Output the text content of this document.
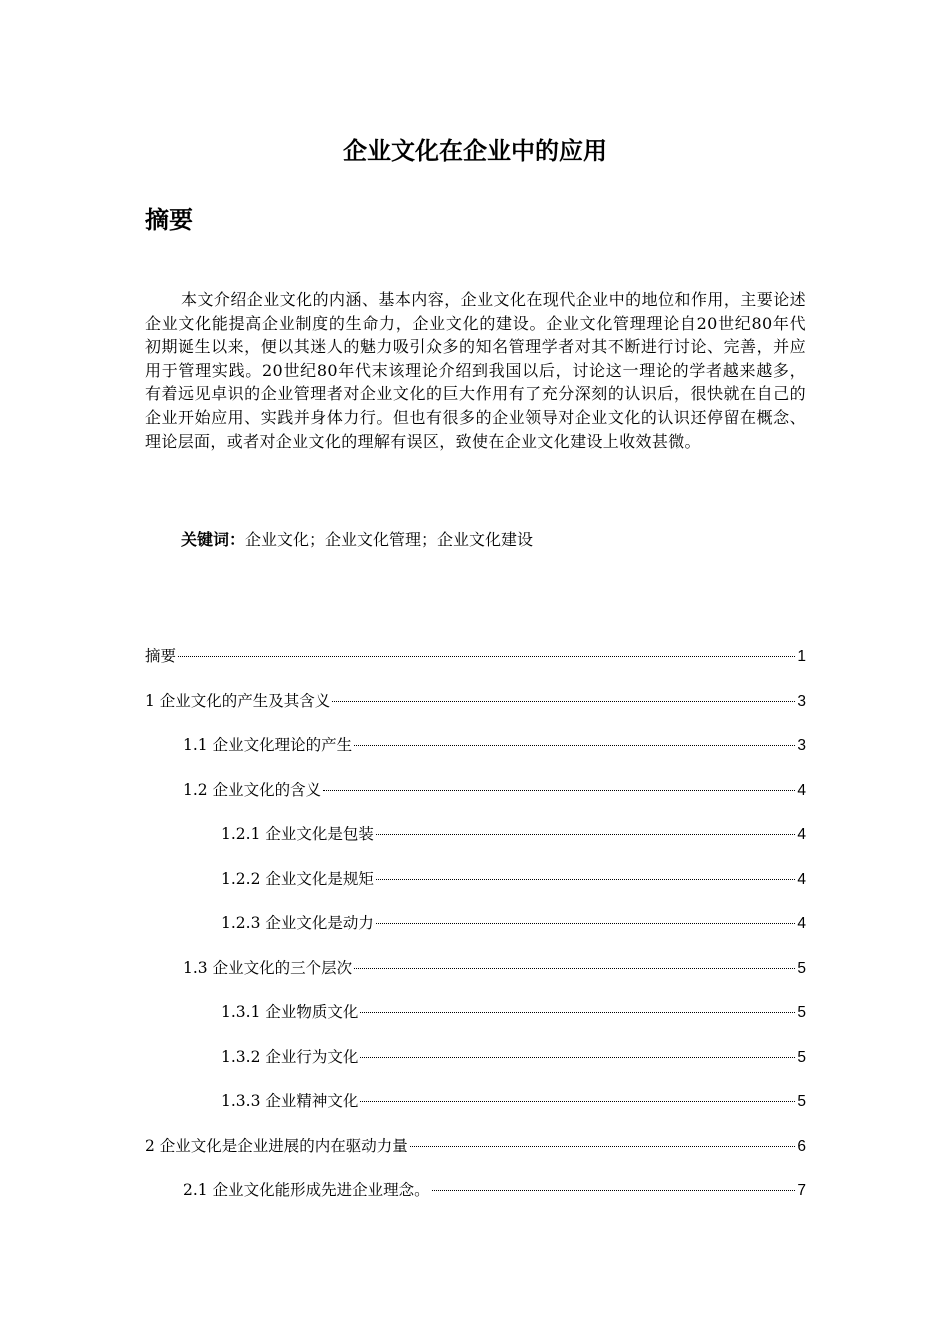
企业文化在企业中的应用
摘要
本文介绍企业文化的内涵、基本内容，企业文化在现代企业中的地位和作用，主要论述企业文化能提高企业制度的生命力，企业文化的建设。企业文化管理理论自20世纪80年代初期诞生以来，便以其迷人的魅力吸引众多的知名管理学者对其不断进行讨论、完善，并应用于管理实践。20世纪80年代末该理论介绍到我国以后，讨论这一理论的学者越来越多，有着远见卓识的企业管理者对企业文化的巨大作用有了充分深刻的认识后，很快就在自己的企业开始应用、实践并身体力行。但也有很多的企业领导对企业文化的认识还停留在概念、理论层面，或者对企业文化的理解有误区，致使在企业文化建设上收效甚微。
关键词：企业文化；企业文化管理；企业文化建设
摘要	1
1 企业文化的产生及其含义	3
1.1 企业文化理论的产生	3
1.2 企业文化的含义	4
1.2.1 企业文化是包装	4
1.2.2 企业文化是规矩	4
1.2.3 企业文化是动力	4
1.3 企业文化的三个层次	5
1.3.1 企业物质文化	5
1.3.2 企业行为文化	5
1.3.3 企业精神文化	5
2 企业文化是企业进展的内在驱动力量	6
2.1 企业文化能形成先进企业理念。	7
